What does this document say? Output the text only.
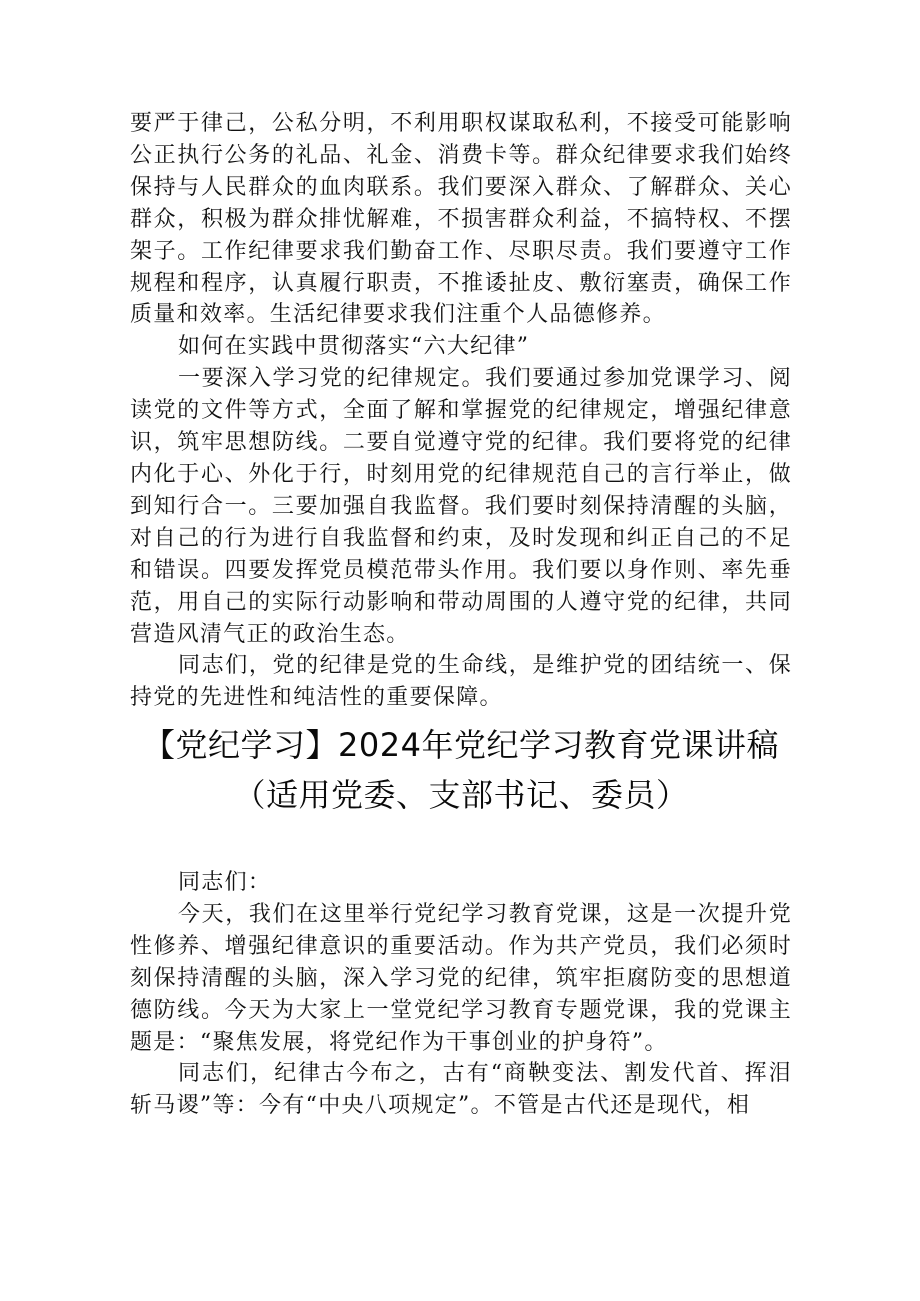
要严于律己，公私分明，不利用职权谋取私利，不接受可能影响公正执行公务的礼品、礼金、消费卡等。群众纪律要求我们始终保持与人民群众的血肉联系。我们要深入群众、了解群众、关心群众，积极为群众排忧解难，不损害群众利益，不搞特权、不摆架子。工作纪律要求我们勤奋工作、尽职尽责。我们要遵守工作规程和程序，认真履行职责，不推诿扯皮、敷衍塞责，确保工作质量和效率。生活纪律要求我们注重个人品德修养。

如何在实践中贯彻落实“六大纪律”

一要深入学习党的纪律规定。我们要通过参加党课学习、阅读党的文件等方式，全面了解和掌握党的纪律规定，增强纪律意识，筑牢思想防线。二要自觉遵守党的纪律。我们要将党的纪律内化于心、外化于行，时刻用党的纪律规范自己的言行举止，做到知行合一。三要加强自我监督。我们要时刻保持清醒的头脑，对自己的行为进行自我监督和约束，及时发现和纠正自己的不足和错误。四要发挥党员模范带头作用。我们要以身作则、率先垂范，用自己的实际行动影响和带动周围的人遵守党的纪律，共同营造风清气正的政治生态。

同志们，党的纪律是党的生命线，是维护党的团结统一、保持党的先进性和纯洁性的重要保障。

【党纪学习】2024年党纪学习教育党课讲稿（适用党委、支部书记、委员）

同志们：

今天，我们在这里举行党纪学习教育党课，这是一次提升党性修养、增强纪律意识的重要活动。作为共产党员，我们必须时刻保持清醒的头脑，深入学习党的纪律，筑牢拒腐防变的思想道德防线。今天为大家上一堂党纪学习教育专题党课，我的党课主题是：“聚焦发展，将党纪作为干事创业的护身符”。

同志们，纪律古今布之，古有“商鞅变法、割发代首、挥泪斩马谡”等：今有“中央八项规定”。不管是古代还是现代，相
